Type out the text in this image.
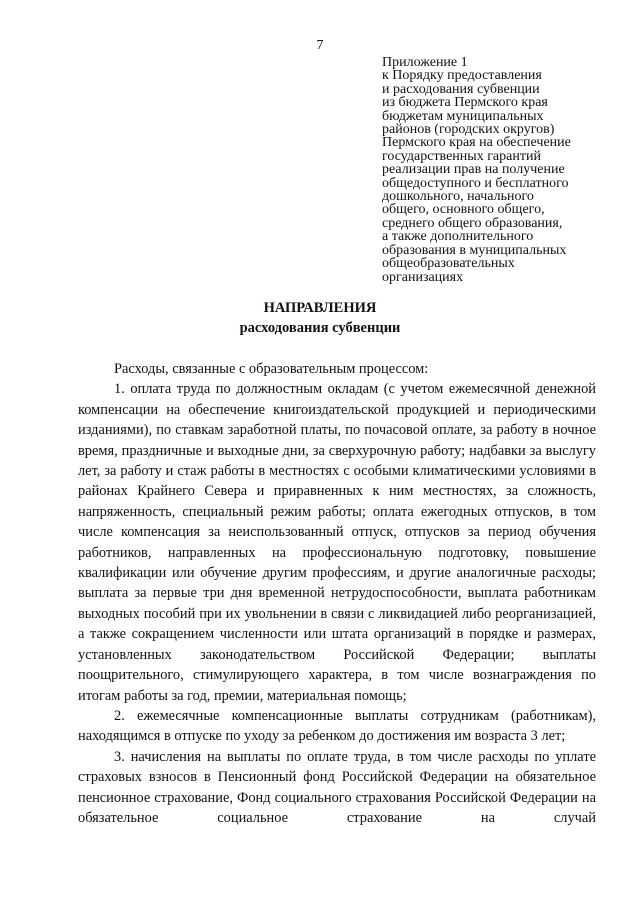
7
Приложение 1
к Порядку предоставления
и расходования субвенции
из бюджета Пермского края
бюджетам муниципальных
районов (городских округов)
Пермского края на обеспечение
государственных гарантий
реализации прав на получение
общедоступного и бесплатного
дошкольного, начального
общего, основного общего,
среднего общего образования,
а также дополнительного
образования в муниципальных
общеобразовательных
организациях
НАПРАВЛЕНИЯ
расходования субвенции

Расходы, связанные с образовательным процессом:

1. оплата труда по должностным окладам (с учетом ежемесячной денежной компенсации на обеспечение книгоиздательской продукцией и периодическими изданиями), по ставкам заработной платы, по почасовой оплате, за работу в ночное время, праздничные и выходные дни, за сверхурочную работу; надбавки за выслугу лет, за работу и стаж работы в местностях с особыми климатическими условиями в районах Крайнего Севера и приравненных к ним местностях, за сложность, напряженность, специальный режим работы; оплата ежегодных отпусков, в том числе компенсация за неиспользованный отпуск, отпусков за период обучения работников, направленных на профессиональную подготовку, повышение квалификации или обучение другим профессиям, и другие аналогичные расходы; выплата за первые три дня временной нетрудоспособности, выплата работникам выходных пособий при их увольнении в связи с ликвидацией либо реорганизацией, а также сокращением численности или штата организаций в порядке и размерах, установленных законодательством Российской Федерации; выплаты поощрительного, стимулирующего характера, в том числе вознаграждения по итогам работы за год, премии, материальная помощь;

2. ежемесячные компенсационные выплаты сотрудникам (работникам), находящимся в отпуске по уходу за ребенком до достижения им возраста 3 лет;

3. начисления на выплаты по оплате труда, в том числе расходы по уплате страховых взносов в Пенсионный фонд Российской Федерации на обязательное пенсионное страхование, Фонд социального страхования Российской Федерации на обязательное социальное страхование на случай
